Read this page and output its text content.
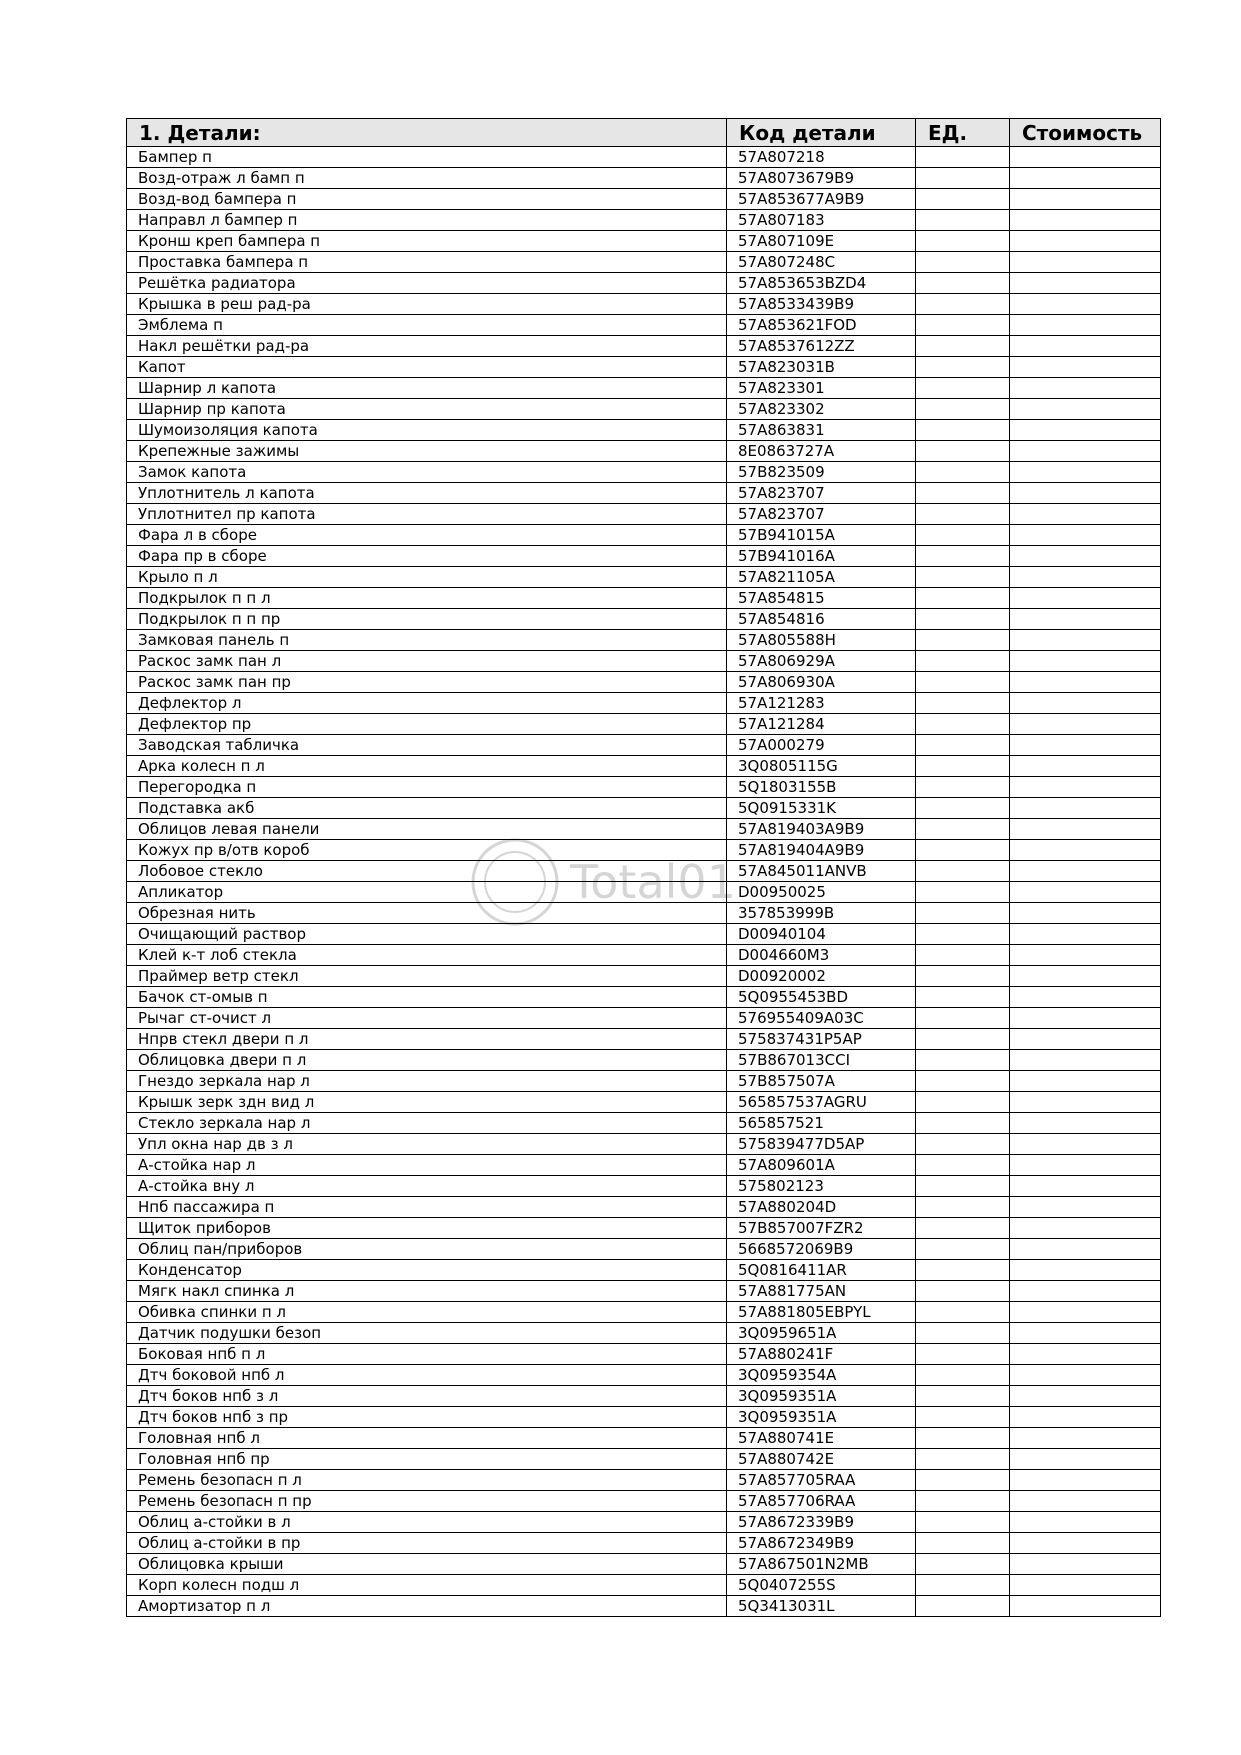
1. Детали:	Код детали	ЕД.	Стоимость
Бампер п	57A807218		
Возд-отраж л бамп п	57A8073679B9		
Возд-вод бампера п	57A853677A9B9		
Направл л бампер п	57A807183		
Кронш креп бампера п	57A807109E		
Проставка бампера п	57A807248C		
Решётка радиатора	57A853653BZD4		
Крышка в реш рад-ра	57A8533439B9		
Эмблема п	57A853621FOD		
Накл решётки рад-ра	57A8537612ZZ		
Капот	57A823031B		
Шарнир л капота	57A823301		
Шарнир пр капота	57A823302		
Шумоизоляция капота	57A863831		
Крепежные зажимы	8E0863727A		
Замок капота	57B823509		
Уплотнитель л капота	57A823707		
Уплотнител пр капота	57A823707		
Фара л в сборе	57B941015A		
Фара пр в сборе	57B941016A		
Крыло п л	57A821105A		
Подкрылок п п л	57A854815		
Подкрылок п п пр	57A854816		
Замковая панель п	57A805588H		
Раскос замк пан л	57A806929A		
Раскос замк пан пр	57A806930A		
Дефлектор л	57A121283		
Дефлектор пр	57A121284		
Заводская табличка	57A000279		
Арка колесн п л	3Q0805115G		
Перегородка п	5Q1803155B		
Подставка акб	5Q0915331K		
Облицов левая панели	57A819403A9B9		
Кожух пр в/отв короб	57A819404A9B9		
Лобовое стекло	57A845011ANVB		
Апликатор	D00950025		
Обрезная нить	357853999B		
Очищающий раствор	D00940104		
Клей к-т лоб стекла	D004660M3		
Праймер ветр стекл	D00920002		
Бачок ст-омыв п	5Q0955453BD		
Рычаг ст-очист л	576955409A03C		
Нпрв стекл двери п л	575837431P5AP		
Облицовка двери п л	57B867013CCI		
Гнездо зеркала нар л	57B857507A		
Крышк зерк здн вид л	565857537AGRU		
Стекло зеркала нар л	565857521		
Упл окна нар дв з л	575839477D5AP		
А-стойка нар л	57A809601A		
А-стойка вну л	575802123		
Нпб пассажира п	57A880204D		
Щиток приборов	57B857007FZR2		
Облиц пан/приборов	5668572069B9		
Конденсатор	5Q0816411AR		
Мягк накл спинка л	57A881775AN		
Обивка спинки п л	57A881805EBPYL		
Датчик подушки безоп	3Q0959651A		
Боковая нпб п л	57A880241F		
Дтч боковой нпб л	3Q0959354A		
Дтч боков нпб з л	3Q0959351A		
Дтч боков нпб з пр	3Q0959351A		
Головная нпб л	57A880741E		
Головная нпб пр	57A880742E		
Ремень безопасн п л	57A857705RAA		
Ремень безопасн п пр	57A857706RAA		
Облиц а-стойки в л	57A8672339B9		
Облиц а-стойки в пр	57A8672349B9		
Облицовка крыши	57A867501N2MB		
Корп колесн подш л	5Q0407255S		
Амортизатор п л	5Q3413031L		
Total01
